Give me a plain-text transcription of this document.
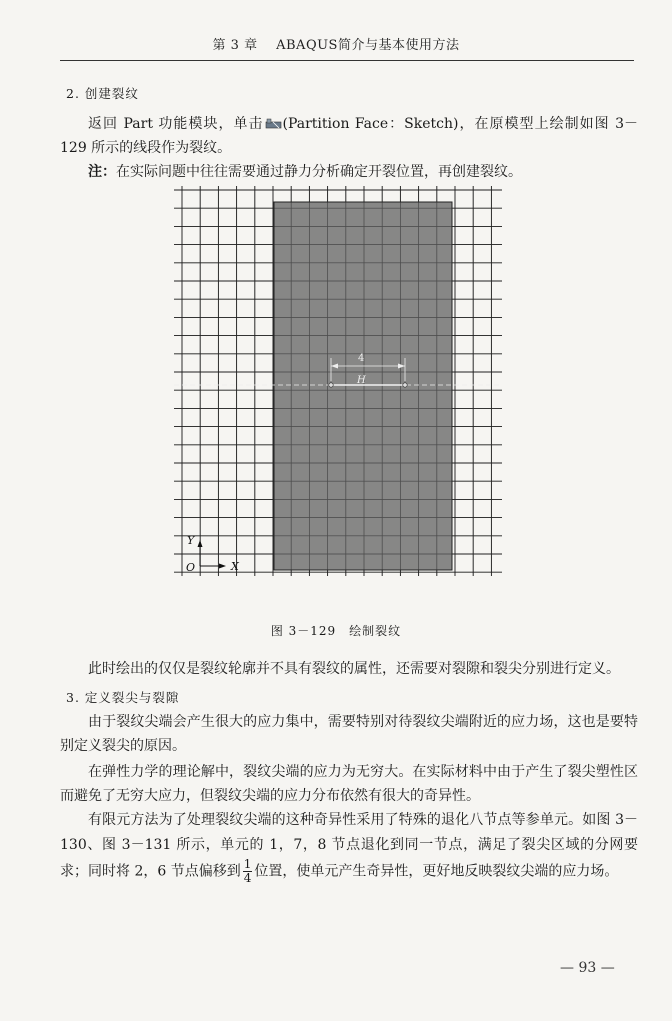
第 3 章 ABAQUS简介与基本使用方法
2. 创建裂纹

返回 Part 功能模块，单击 (Partition Face：Sketch)，在原模型上绘制如图 3－129 所示的线段作为裂纹。

注：在实际问题中往往需要通过静力分析确定开裂位置，再创建裂纹。

4
H
Y
X
O
图 3－129　绘制裂纹

此时绘出的仅仅是裂纹轮廓并不具有裂纹的属性，还需要对裂隙和裂尖分别进行定义。

3. 定义裂尖与裂隙

由于裂纹尖端会产生很大的应力集中，需要特别对待裂纹尖端附近的应力场，这也是要特别定义裂尖的原因。

在弹性力学的理论解中，裂纹尖端的应力为无穷大。在实际材料中由于产生了裂尖塑性区而避免了无穷大应力，但裂纹尖端的应力分布依然有很大的奇异性。

有限元方法为了处理裂纹尖端的这种奇异性采用了特殊的退化八节点等参单元。如图 3－130、图 3－131 所示，单元的 1，7，8 节点退化到同一节点，满足了裂尖区域的分网要求；同时将 2，6 节点偏移到 $\frac{1}{4}$ 位置，使单元产生奇异性，更好地反映裂纹尖端的应力场。

— 93 —
